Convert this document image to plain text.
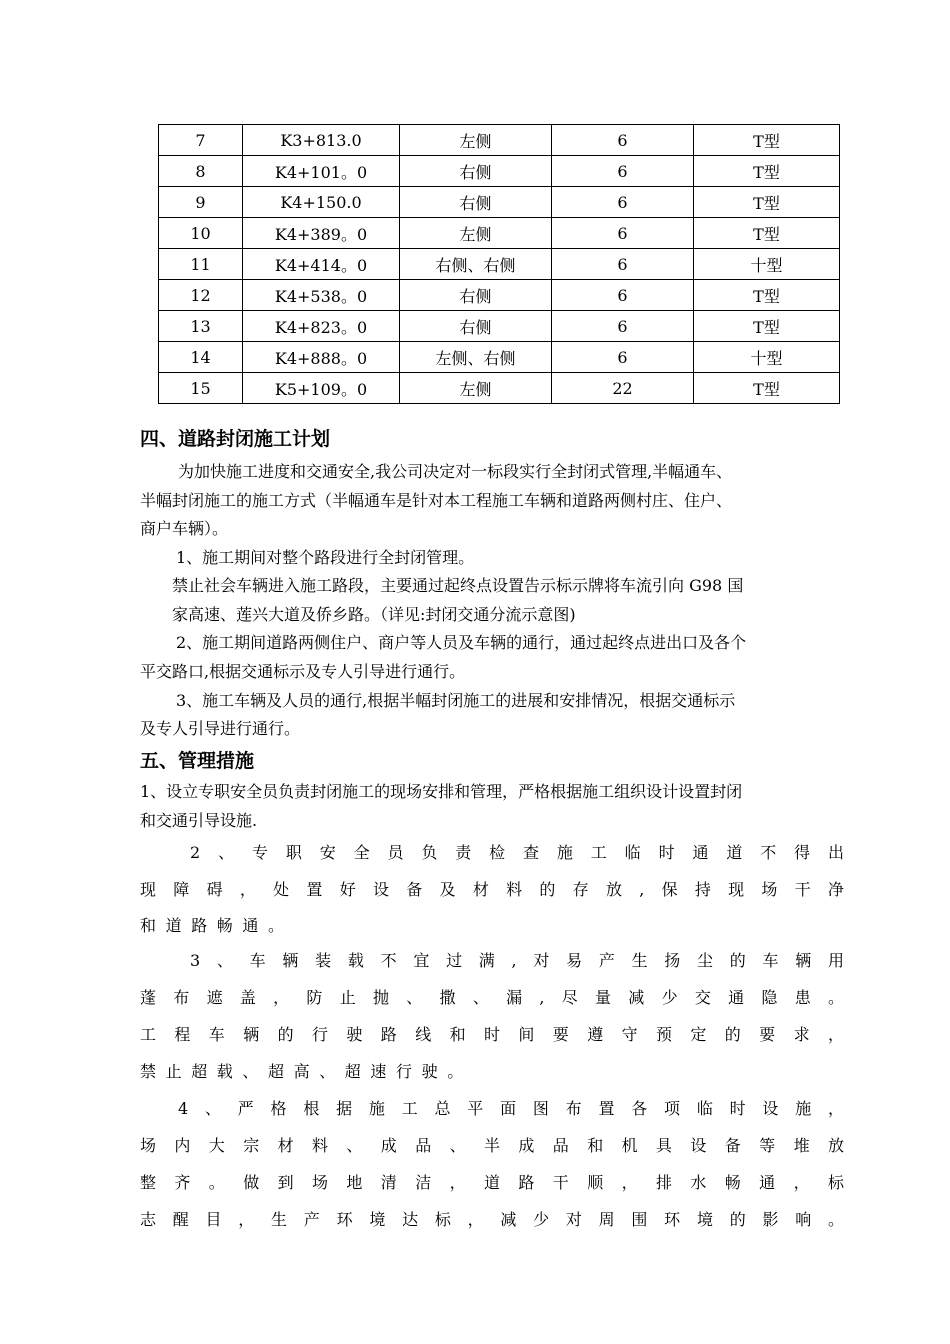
7	K3+813.0	左侧	6	T型
8	K4+101。0	右侧	6	T型
9	K4+150.0	右侧	6	T型
10	K4+389。0	左侧	6	T型
11	K4+414。0	右侧、右侧	6	十型
12	K4+538。0	右侧	6	T型
13	K4+823。0	右侧	6	T型
14	K4+888。0	左侧、右侧	6	十型
15	K5+109。0	左侧	22	T型
四、道路封闭施工计划
为加快施工进度和交通安全,我公司决定对一标段实行全封闭式管理,半幅通车、
半幅封闭施工的施工方式（半幅通车是针对本工程施工车辆和道路两侧村庄、住户、
商户车辆）。
1、施工期间对整个路段进行全封闭管理。
禁止社会车辆进入施工路段，主要通过起终点设置告示标示牌将车流引向 G98 国
家高速、莲兴大道及侨乡路。（详见:封闭交通分流示意图)
2、施工期间道路两侧住户、商户等人员及车辆的通行，通过起终点进出口及各个
平交路口,根据交通标示及专人引导进行通行。
3、施工车辆及人员的通行,根据半幅封闭施工的进展和安排情况，根据交通标示
及专人引导进行通行。
五、管理措施
1、设立专职安全员负责封闭施工的现场安排和管理，严格根据施工组织设计设置封闭
和交通引导设施.
2、专职安全员负责检查施工临时通道不得出
现障碍，处置好设备及材料的存放,保持现场干净
和道路畅通。
3、车辆装载不宜过满,对易产生扬尘的车辆用
蓬布遮盖，防止抛、撒、漏,尽量减少交通隐患。
工程车辆的行驶路线和时间要遵守预定的要求，
禁止超载、超高、超速行驶。
4、严格根据施工总平面图布置各项临时设施，
场内大宗材料、成品、半成品和机具设备等堆放
整齐。做到场地清洁，道路干顺，排水畅通，标
志醒目，生产环境达标，减少对周围环境的影响。
